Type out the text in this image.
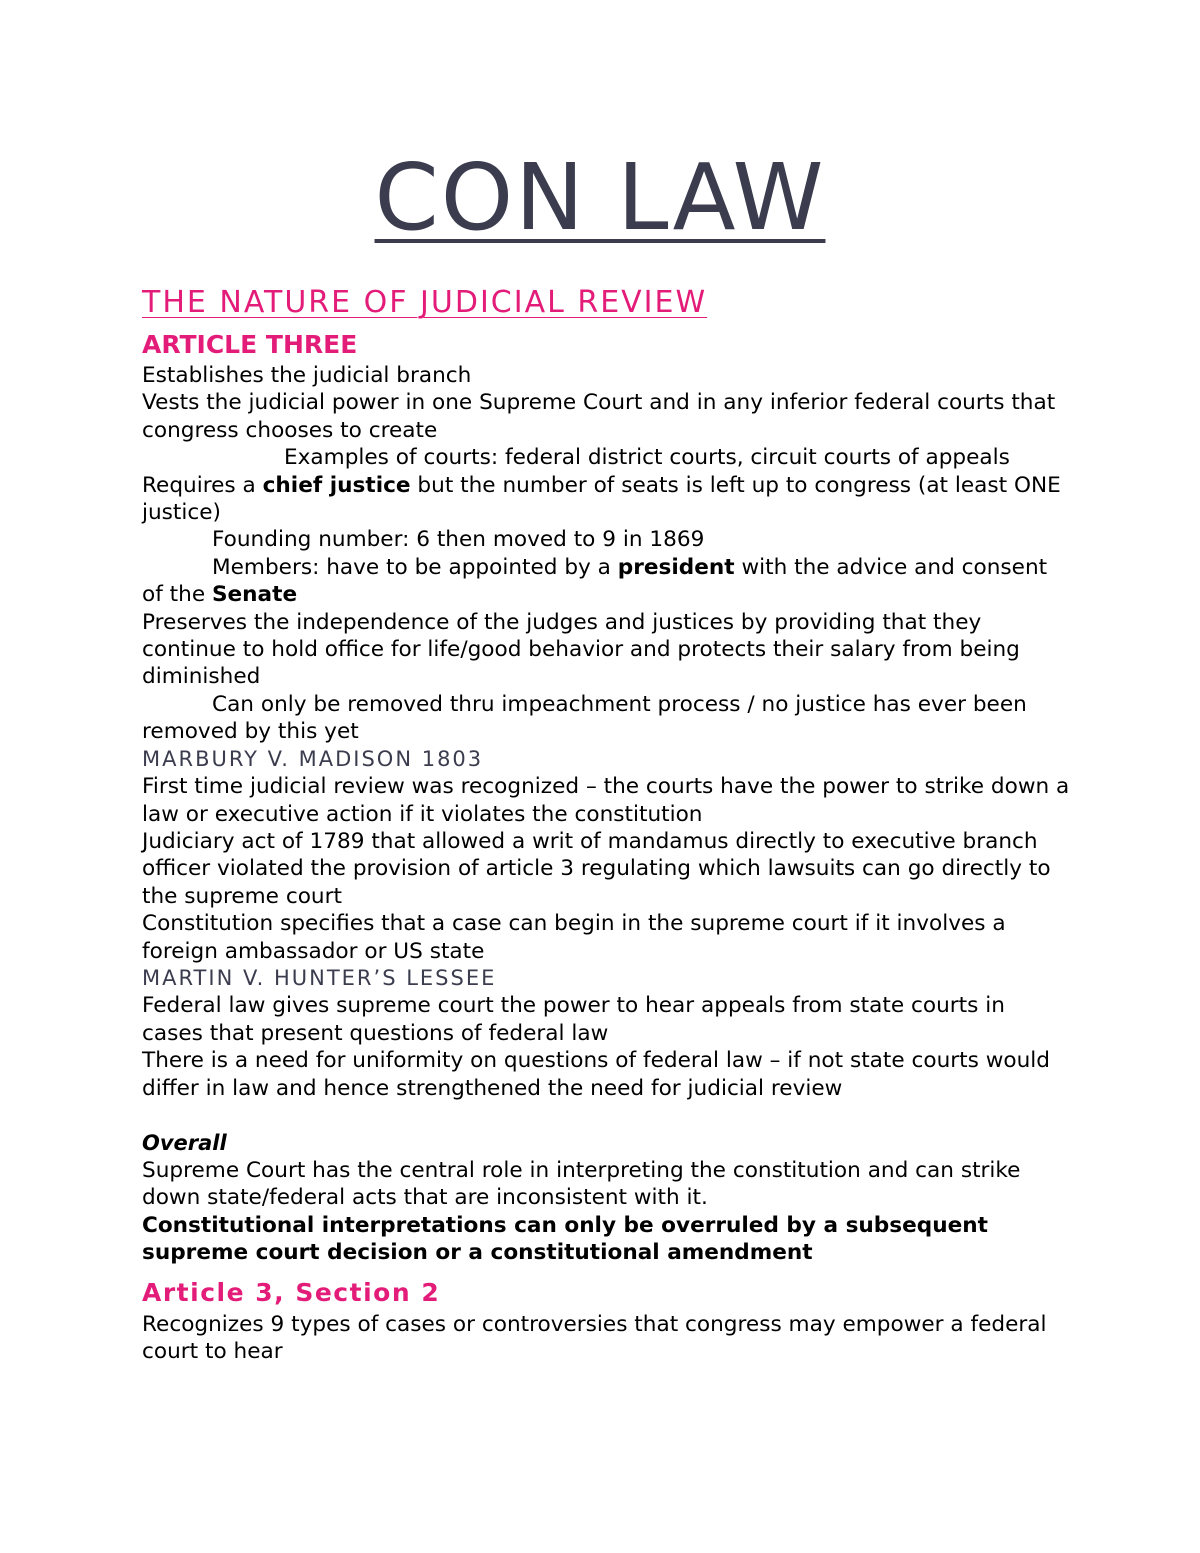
CON LAW
THE NATURE OF JUDICIAL REVIEW
ARTICLE THREE

Establishes the judicial branch

Vests the judicial power in one Supreme Court and in any inferior federal courts that congress chooses to create

Examples of courts: federal district courts, circuit courts of appeals

Requires a chief justice but the number of seats is left up to congress (at least ONE justice)

Founding number: 6 then moved to 9 in 1869

Members: have to be appointed by a president with the advice and consent of the Senate

Preserves the independence of the judges and justices by providing that they continue to hold office for life/good behavior and protects their salary from being diminished

Can only be removed thru impeachment process / no justice has ever been removed by this yet

MARBURY V. MADISON 1803

First time judicial review was recognized – the courts have the power to strike down a law or executive action if it violates the constitution

Judiciary act of 1789 that allowed a writ of mandamus directly to executive branch officer violated the provision of article 3 regulating which lawsuits can go directly to the supreme court

Constitution specifies that a case can begin in the supreme court if it involves a foreign ambassador or US state

MARTIN V. HUNTER’S LESSEE

Federal law gives supreme court the power to hear appeals from state courts in cases that present questions of federal law

There is a need for uniformity on questions of federal law – if not state courts would differ in law and hence strengthened the need for judicial review

Overall

Supreme Court has the central role in interpreting the constitution and can strike down state/federal acts that are inconsistent with it.

Constitutional interpretations can only be overruled by a subsequent supreme court decision or a constitutional amendment

Article 3, Section 2

Recognizes 9 types of cases or controversies that congress may empower a federal court to hear
